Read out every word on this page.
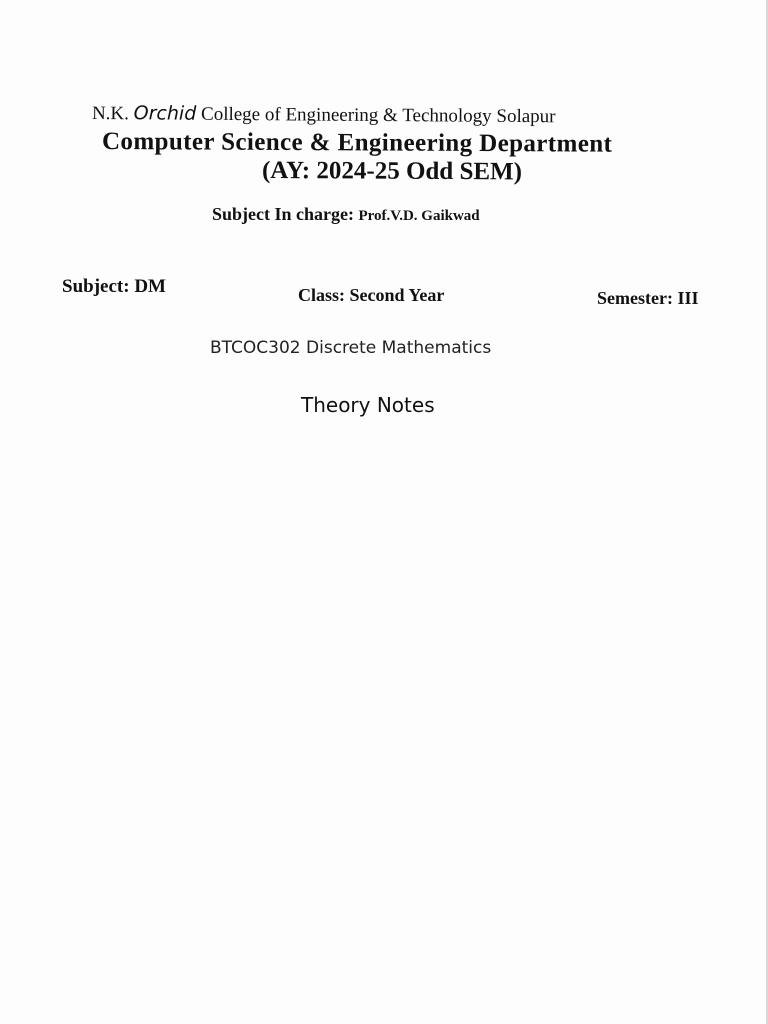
N.K. Orchid College of Engineering & Technology Solapur
Computer Science & Engineering Department
(AY: 2024-25 Odd SEM)
Subject In charge: Prof.V.D. Gaikwad
Subject: DM	Class: Second Year	Semester: III
BTCOC302 Discrete Mathematics
Theory Notes
